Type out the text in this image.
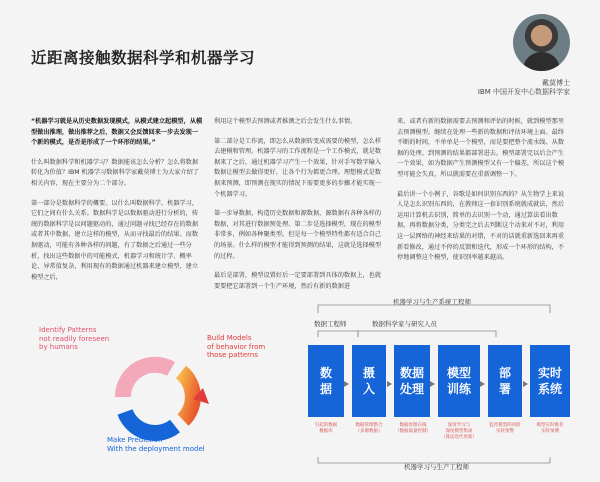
近距离接触数据科学和机器学习
戴莫博士
IBM 中国开发中心数据科学家

“机器学习就是从历史数据发现模式，从模式建立起模型，从模型做出推理，做出推荐之后，数据又会反馈回来一步去发现一个新的模式，是否是形成了一个环形的结果。”

什么叫数据科学和机器学习？数据能该怎么分析？怎么将数据转化为价值？IBM 机器学习数据科学家戴莫博士为大家介绍了相关内容，现在主要分为二个部分。

第一部分是数据科学的概要。以什么叫数据科学、机器学习，它们之间有什么关系。数据科学是以数据驱动进行分析的，传统的数据科学是以问题驱动的，通过问题寻找已经存在的数据或者其中数据，建立这样的模型，从而寻找最后的结果。而数据驱动，可能有各种各样的问题，有了数据之后通过一些分析，找出这些数据中的可能模式，机器学习和统计学、概率论、异常值复杂，利用现有的数据通过机器来建立模型，建立模型之后，

利用这个模型去预测或者推测之后会发生什么事情。

第二部分是工作流，即怎么从数据转变成需要的模型，怎么样去建模和管理。机器学习的工作流程是一个工作模式，就是数据来了之后，通过机器学习产生一个效果，针对手写数字输入数据让模型去做得更好，让各个行为都更合理。理想模式是数据来预测，即预测在现实的情况下需要更多的步骤才能实现一个机器学习。

第一步导数据，构造历史数据和源数据，源数据有各种各样的数据，对其进行数据预处理。第二步是选择模型，现在的模型非常多，例如各种聚类型。但是每一个模型特性都有适合自己的场景。什么样的模型才能得到预测的结果，这就是选择模型的过程。

最后是部署，模型设置好后一定要部署到具体的数据上，也就要要把它部署到一个生产环境，然后有新的数据进

来，或者有新的数据需要去预测和评估的时候，就到模型那里去预测模型。继续在处理一些新的数据和评估环境上面。最终不断的时间，不单单是一个模型，而是要把整个流水线、从数据的处理、到预测的结果都部署进去。模型部署完以后会产生一个效果，如为数据产生预测模型又有一个偏差，所以这个模型可能会失真，所以就需要在重新调整一下。

最后讲一个小例子，谷歌是如何识别东西的？从生物学上来说人是怎么识别东西的，在教师这一套识别系统就成就法，然后运用计算机去识别，简单的去识别一个动，通过算法看出数据。再将数据分类，分类完之后去判断这个动来对不对，利用这一层网络的神经来结果的对错，不对的话就重新选回来再重新看修改，通过不停的反馈和迭代，形成一个环形的结构，不停地调整这个模型，使识别率越来越高。

Identify Patterns
not readily foreseen
by humans
Build Models
of behavior from
those patterns
Make Prediction
With the deployment model
机器学习与生产系统工程师
数据工程师	数据科学家与研究人员
数
据
摄
入
数据
处理
模型
训练
部
署
实时
系统
引起的数据
数据库
数据管理整合
（多源数据）
数据处理在线
（数据质量控制）
深度学习与
深度模型集成
（算法迭代更新）
监控模型的风险
实时预警
模型实时推荐
实时预测
机器学习与生产工程师
